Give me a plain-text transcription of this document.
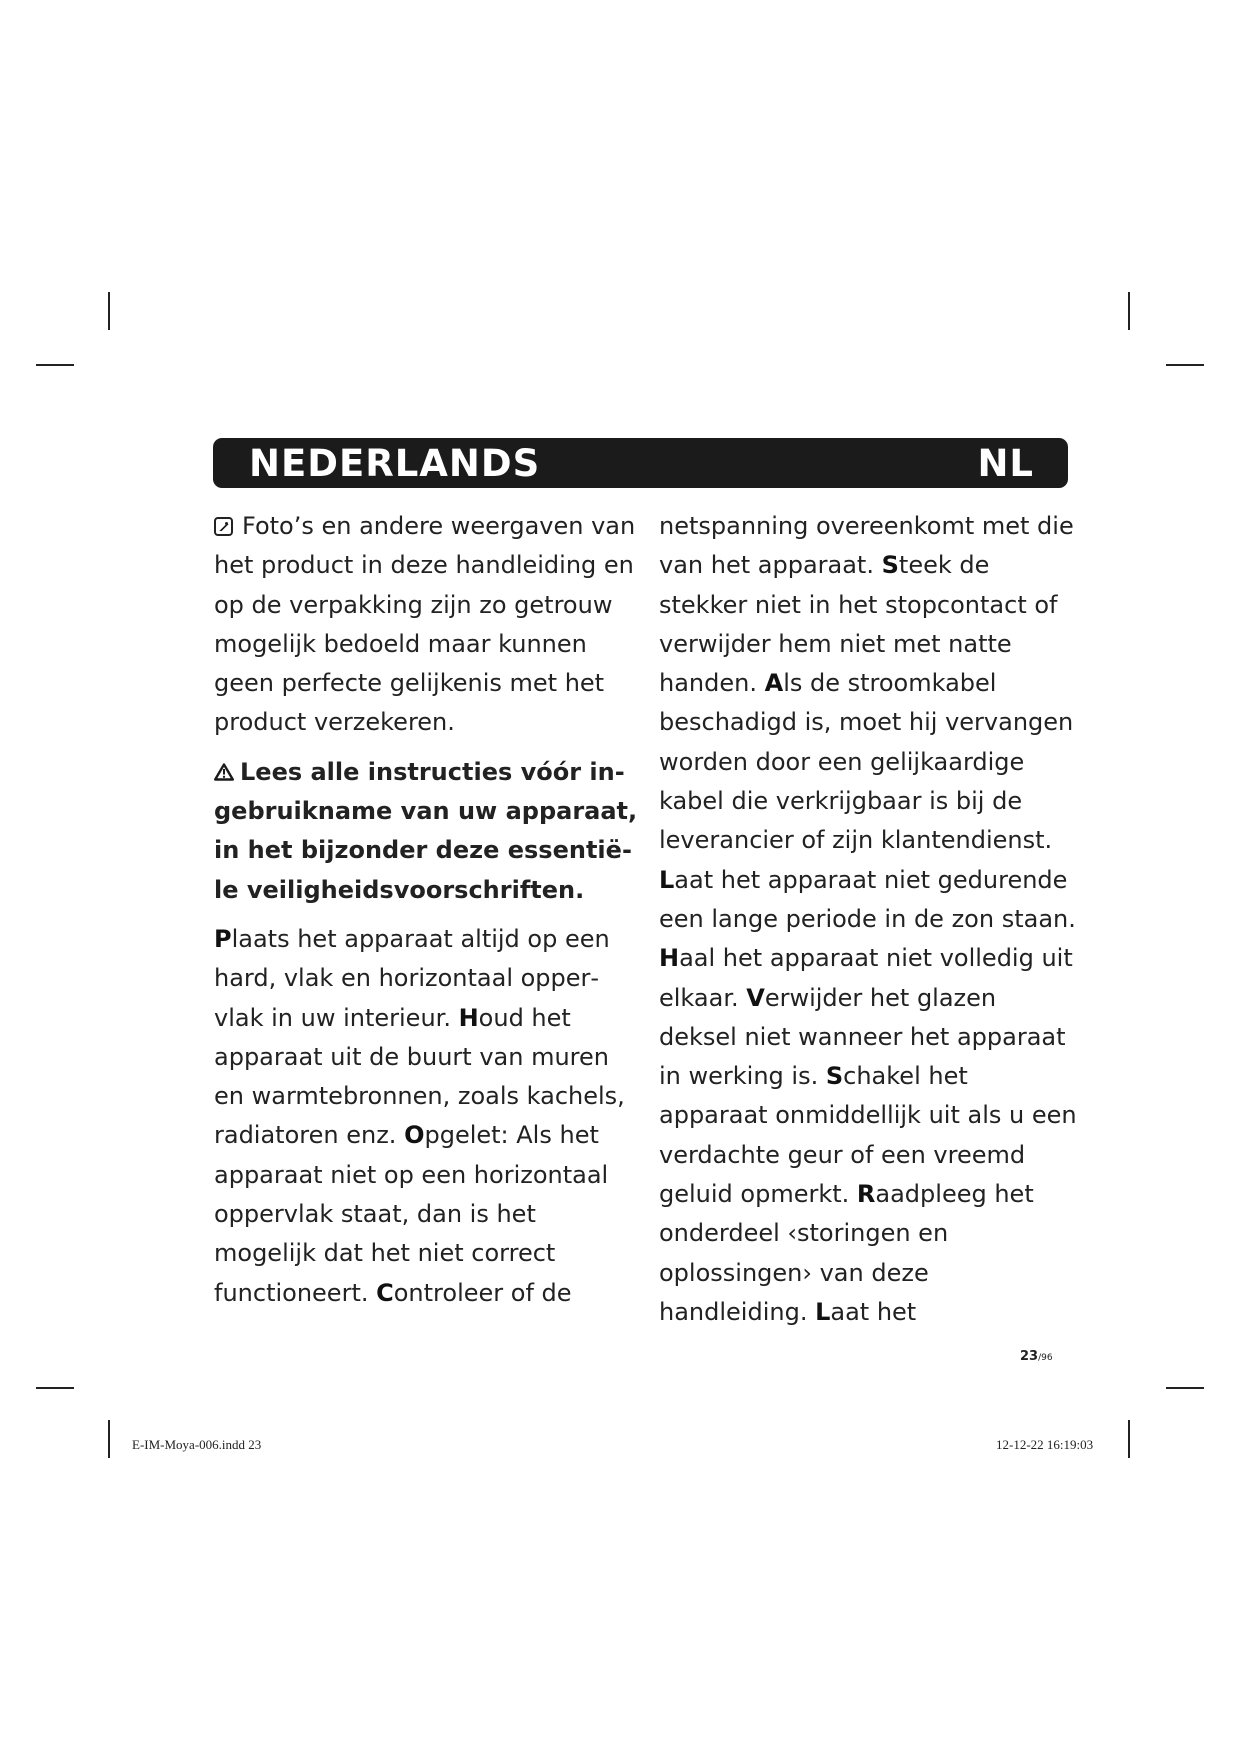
NEDERLANDS	NL

Foto’s en andere weergaven van het product in deze handleiding en op de verpakking zijn zo getrouw mogelijk bedoeld maar kunnen geen perfecte gelijkenis met het product verzekeren.

Lees alle instructies vóór ingebruikname van uw apparaat, in het bijzonder deze essentiële veiligheidsvoorschriften.

Plaats het apparaat altijd op een hard, vlak en horizontaal oppervlak in uw interieur. Houd het apparaat uit de buurt van muren en warmtebronnen, zoals kachels, radiatoren enz. Opgelet: Als het apparaat niet op een horizontaal oppervlak staat, dan is het mogelijk dat het niet correct functioneert. Controleer of de

netspanning overeenkomt met die van het apparaat. Steek de stekker niet in het stopcontact of verwijder hem niet met natte handen. Als de stroomkabel beschadigd is, moet hij vervangen worden door een gelijkaardige kabel die verkrijgbaar is bij de leverancier of zijn klantendienst. Laat het apparaat niet gedurende een lange periode in de zon staan. Haal het apparaat niet volledig uit elkaar. Verwijder het glazen deksel niet wanneer het apparaat in werking is. Schakel het apparaat onmiddellijk uit als u een verdachte geur of een vreemd geluid opmerkt. Raadpleeg het onderdeel ‹storingen en oplossingen› van deze handleiding. Laat het

23/96
E-IM-Moya-006.indd 23	12-12-22 16:19:03
